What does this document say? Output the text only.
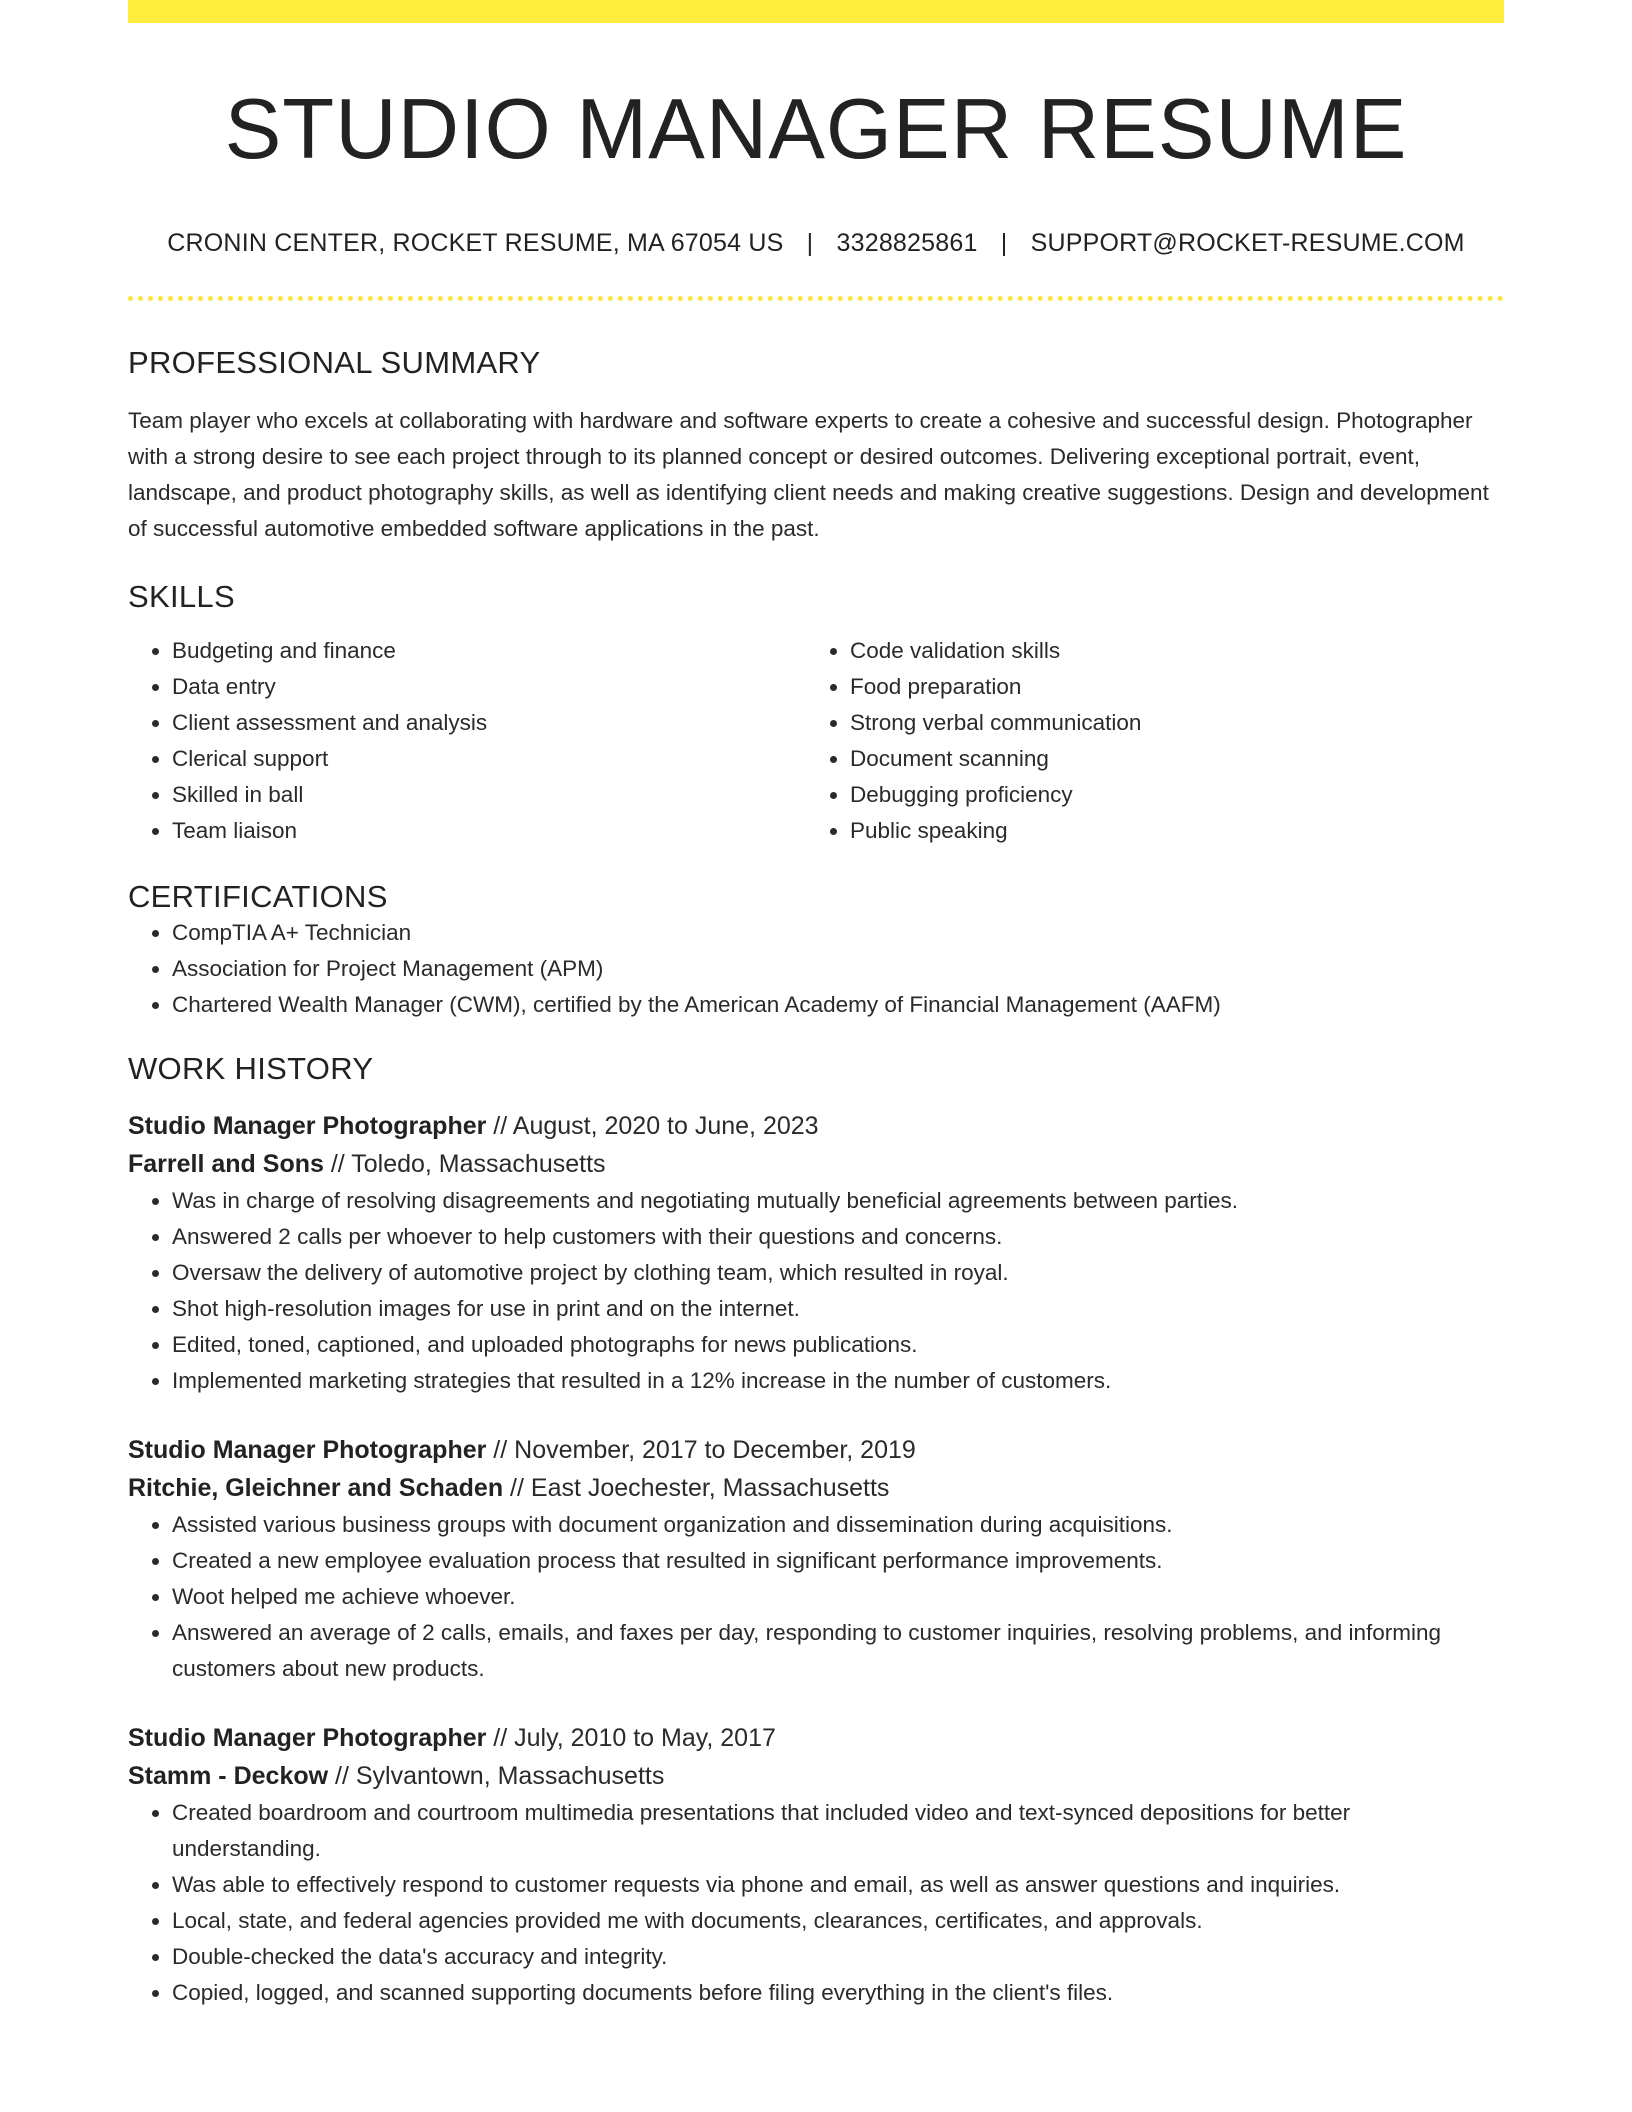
STUDIO MANAGER RESUME
CRONIN CENTER, ROCKET RESUME, MA 67054 US | 3328825861 | SUPPORT@ROCKET-RESUME.COM
PROFESSIONAL SUMMARY

Team player who excels at collaborating with hardware and software experts to create a cohesive and successful design. Photographer with a strong desire to see each project through to its planned concept or desired outcomes. Delivering exceptional portrait, event, landscape, and product photography skills, as well as identifying client needs and making creative suggestions. Design and development of successful automotive embedded software applications in the past.

SKILLS
• Budgeting and finance
• Data entry
• Client assessment and analysis
• Clerical support
• Skilled in ball
• Team liaison
• Code validation skills
• Food preparation
• Strong verbal communication
• Document scanning
• Debugging proficiency
• Public speaking
CERTIFICATIONS
• CompTIA A+ Technician
• Association for Project Management (APM)
• Chartered Wealth Manager (CWM), certified by the American Academy of Financial Management (AAFM)
WORK HISTORY
Studio Manager Photographer // August, 2020 to June, 2023
Farrell and Sons // Toledo, Massachusetts
• Was in charge of resolving disagreements and negotiating mutually beneficial agreements between parties.
• Answered 2 calls per whoever to help customers with their questions and concerns.
• Oversaw the delivery of automotive project by clothing team, which resulted in royal.
• Shot high-resolution images for use in print and on the internet.
• Edited, toned, captioned, and uploaded photographs for news publications.
• Implemented marketing strategies that resulted in a 12% increase in the number of customers.
Studio Manager Photographer // November, 2017 to December, 2019
Ritchie, Gleichner and Schaden // East Joechester, Massachusetts
• Assisted various business groups with document organization and dissemination during acquisitions.
• Created a new employee evaluation process that resulted in significant performance improvements.
• Woot helped me achieve whoever.
• Answered an average of 2 calls, emails, and faxes per day, responding to customer inquiries, resolving problems, and informing customers about new products.
Studio Manager Photographer // July, 2010 to May, 2017
Stamm - Deckow // Sylvantown, Massachusetts
• Created boardroom and courtroom multimedia presentations that included video and text-synced depositions for better understanding.
• Was able to effectively respond to customer requests via phone and email, as well as answer questions and inquiries.
• Local, state, and federal agencies provided me with documents, clearances, certificates, and approvals.
• Double-checked the data's accuracy and integrity.
• Copied, logged, and scanned supporting documents before filing everything in the client's files.
